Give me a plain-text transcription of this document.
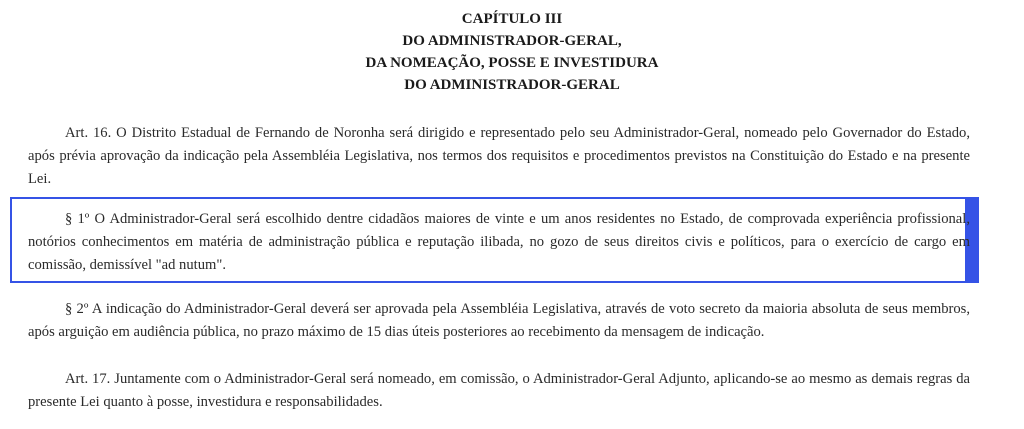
CAPÍTULO III
DO ADMINISTRADOR-GERAL,
DA NOMEAÇÃO, POSSE E INVESTIDURA
DO ADMINISTRADOR-GERAL

Art. 16. O Distrito Estadual de Fernando de Noronha será dirigido e representado pelo seu Administrador-Geral, nomeado pelo Governador do Estado, após prévia aprovação da indicação pela Assembléia Legislativa, nos termos dos requisitos e procedimentos previstos na Constituição do Estado e na presente Lei.

§ 1º O Administrador-Geral será escolhido dentre cidadãos maiores de vinte e um anos residentes no Estado, de comprovada experiência profissional, notórios conhecimentos em matéria de administração pública e reputação ilibada, no gozo de seus direitos civis e políticos, para o exercício de cargo em comissão, demissível "ad nutum".

§ 2º A indicação do Administrador-Geral deverá ser aprovada pela Assembléia Legislativa, através de voto secreto da maioria absoluta de seus membros, após arguição em audiência pública, no prazo máximo de 15 dias úteis posteriores ao recebimento da mensagem de indicação.

Art. 17. Juntamente com o Administrador-Geral será nomeado, em comissão, o Administrador-Geral Adjunto, aplicando-se ao mesmo as demais regras da presente Lei quanto à posse, investidura e responsabilidades.
